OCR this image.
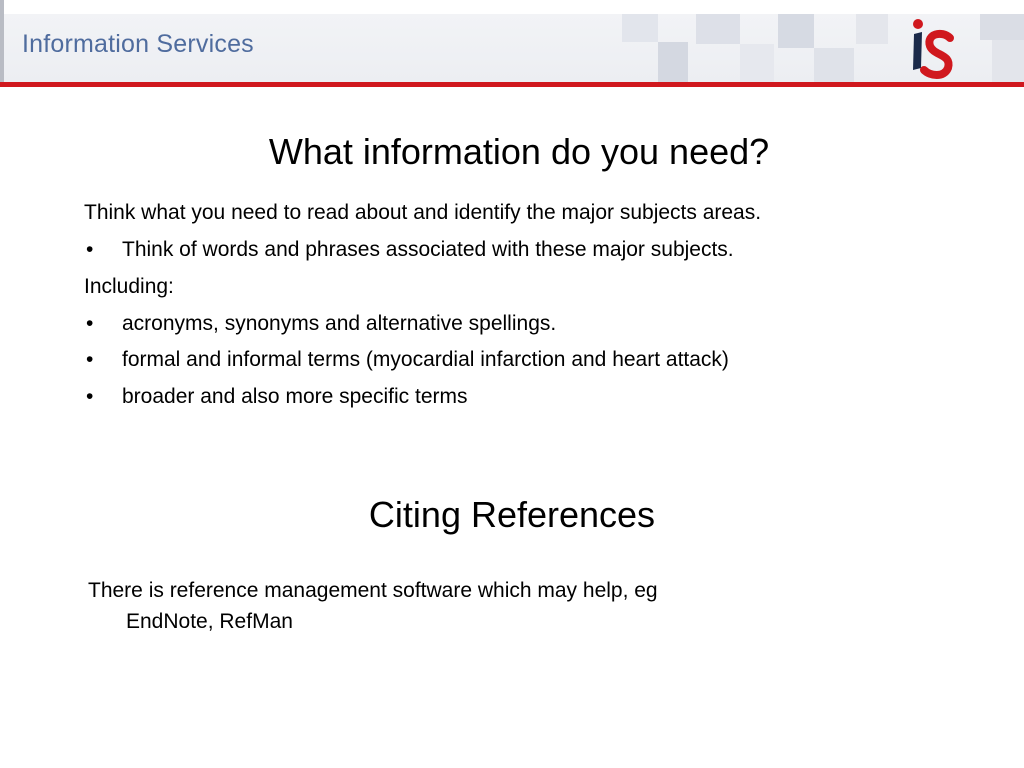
Information Services
What information do you need?
Think what you need to read about and identify the major subjects areas.
• Think of words and phrases associated with these major subjects.
Including:
• acronyms, synonyms and alternative spellings.
• formal and informal terms (myocardial infarction and heart attack)
• broader and also more specific terms
Citing References
There is reference management software which may help, eg
EndNote, RefMan
